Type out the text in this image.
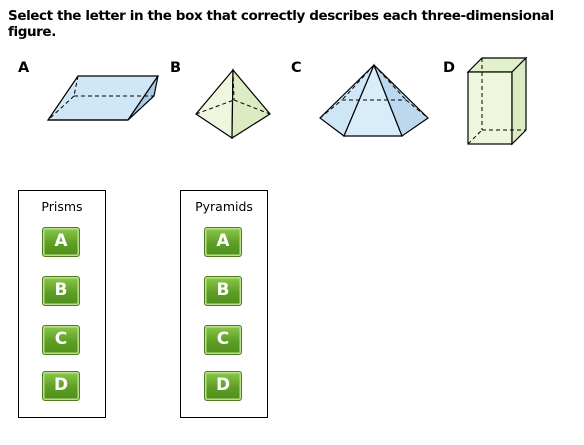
Select the letter in the box that correctly describes each three-dimensional figure.
A	B	C	D
Prisms
A
B
C
D
Pyramids
A
B
C
D
